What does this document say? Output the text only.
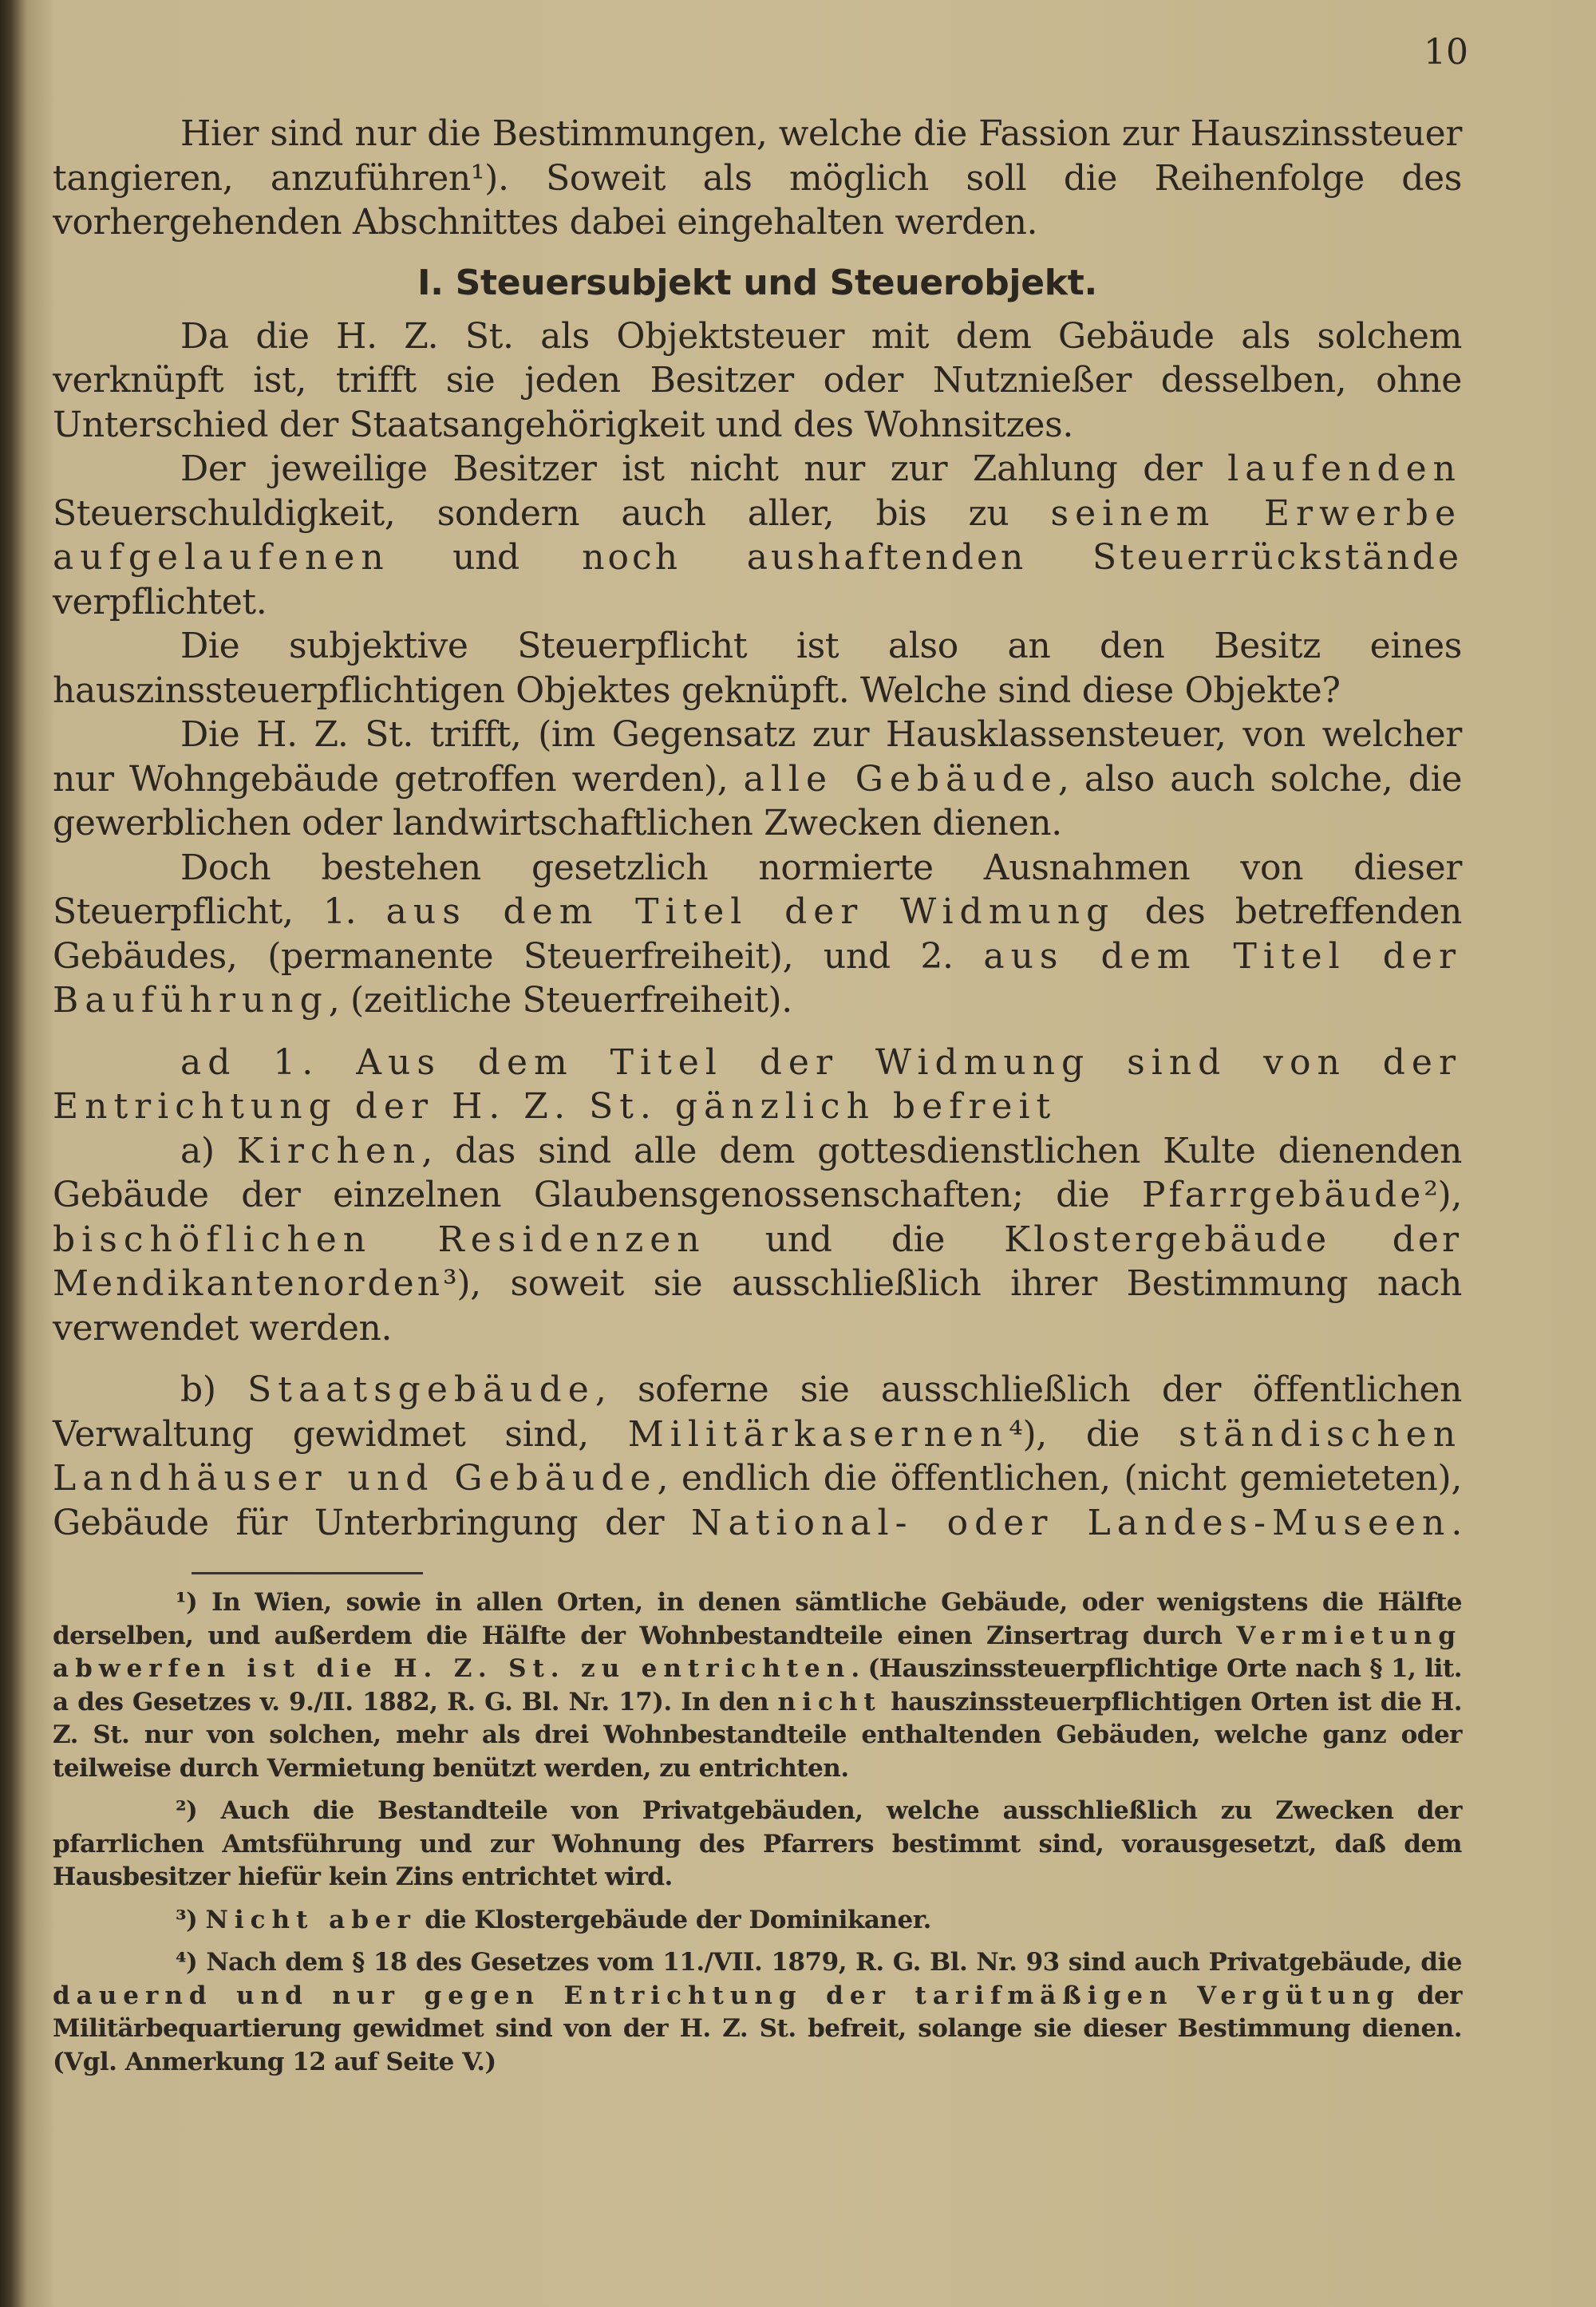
10

Hier sind nur die Bestimmungen, welche die Fassion zur Hauszinssteuer tangieren, anzuführen¹). Soweit als möglich soll die Reihenfolge des vorhergehenden Abschnittes dabei eingehalten werden.

I. Steuersubjekt und Steuerobjekt.

Da die H. Z. St. als Objektsteuer mit dem Gebäude als solchem verknüpft ist, trifft sie jeden Besitzer oder Nutznießer desselben, ohne Unterschied der Staatsangehörigkeit und des Wohnsitzes.

Der jeweilige Besitzer ist nicht nur zur Zahlung der laufenden Steuerschuldigkeit, sondern auch aller, bis zu seinem Erwerbe aufgelaufenen und noch aushaftenden Steuerrückstände verpflichtet.

Die subjektive Steuerpflicht ist also an den Besitz eines hauszinssteuerpflichtigen Objektes geknüpft. Welche sind diese Objekte?

Die H. Z. St. trifft, (im Gegensatz zur Hausklassensteuer, von welcher nur Wohngebäude getroffen werden), alle Gebäude, also auch solche, die gewerblichen oder landwirtschaftlichen Zwecken dienen.

Doch bestehen gesetzlich normierte Ausnahmen von dieser Steuerpflicht, 1. aus dem Titel der Widmung des betreffenden Gebäudes, (permanente Steuerfreiheit), und 2. aus dem Titel der Bauführung, (zeitliche Steuerfreiheit).

ad 1. Aus dem Titel der Widmung sind von der Entrichtung der H. Z. St. gänzlich befreit

a) Kirchen, das sind alle dem gottesdienstlichen Kulte dienenden Gebäude der einzelnen Glaubensgenossenschaften; die Pfarrgebäude²), bischöflichen Residenzen und die Klostergebäude der Mendikantenorden³), soweit sie ausschließlich ihrer Bestimmung nach verwendet werden.

b) Staatsgebäude, soferne sie ausschließlich der öffentlichen Verwaltung gewidmet sind, Militärkasernen⁴), die ständischen Landhäuser und Gebäude, endlich die öffentlichen, (nicht gemieteten), Gebäude für Unterbringung der National- oder Landes-Museen.

¹) In Wien, sowie in allen Orten, in denen sämtliche Gebäude, oder wenigstens die Hälfte derselben, und außerdem die Hälfte der Wohnbestandteile einen Zinsertrag durch Vermietung abwerfen ist die H. Z. St. zu entrichten. (Hauszinssteuerpflichtige Orte nach § 1, lit. a des Gesetzes v. 9./II. 1882, R. G. Bl. Nr. 17). In den nicht hauszinssteuerpflichtigen Orten ist die H. Z. St. nur von solchen, mehr als drei Wohnbestandteile enthaltenden Gebäuden, welche ganz oder teilweise durch Vermietung benützt werden, zu entrichten.

²) Auch die Bestandteile von Privatgebäuden, welche ausschließlich zu Zwecken der pfarrlichen Amtsführung und zur Wohnung des Pfarrers bestimmt sind, vorausgesetzt, daß dem Hausbesitzer hiefür kein Zins entrichtet wird.

³) Nicht aber die Klostergebäude der Dominikaner.

⁴) Nach dem § 18 des Gesetzes vom 11./VII. 1879, R. G. Bl. Nr. 93 sind auch Privatgebäude, die dauernd und nur gegen Entrichtung der tarifmäßigen Vergütung der Militärbequartierung gewidmet sind von der H. Z. St. befreit, solange sie dieser Bestimmung dienen. (Vgl. Anmerkung 12 auf Seite V.)
